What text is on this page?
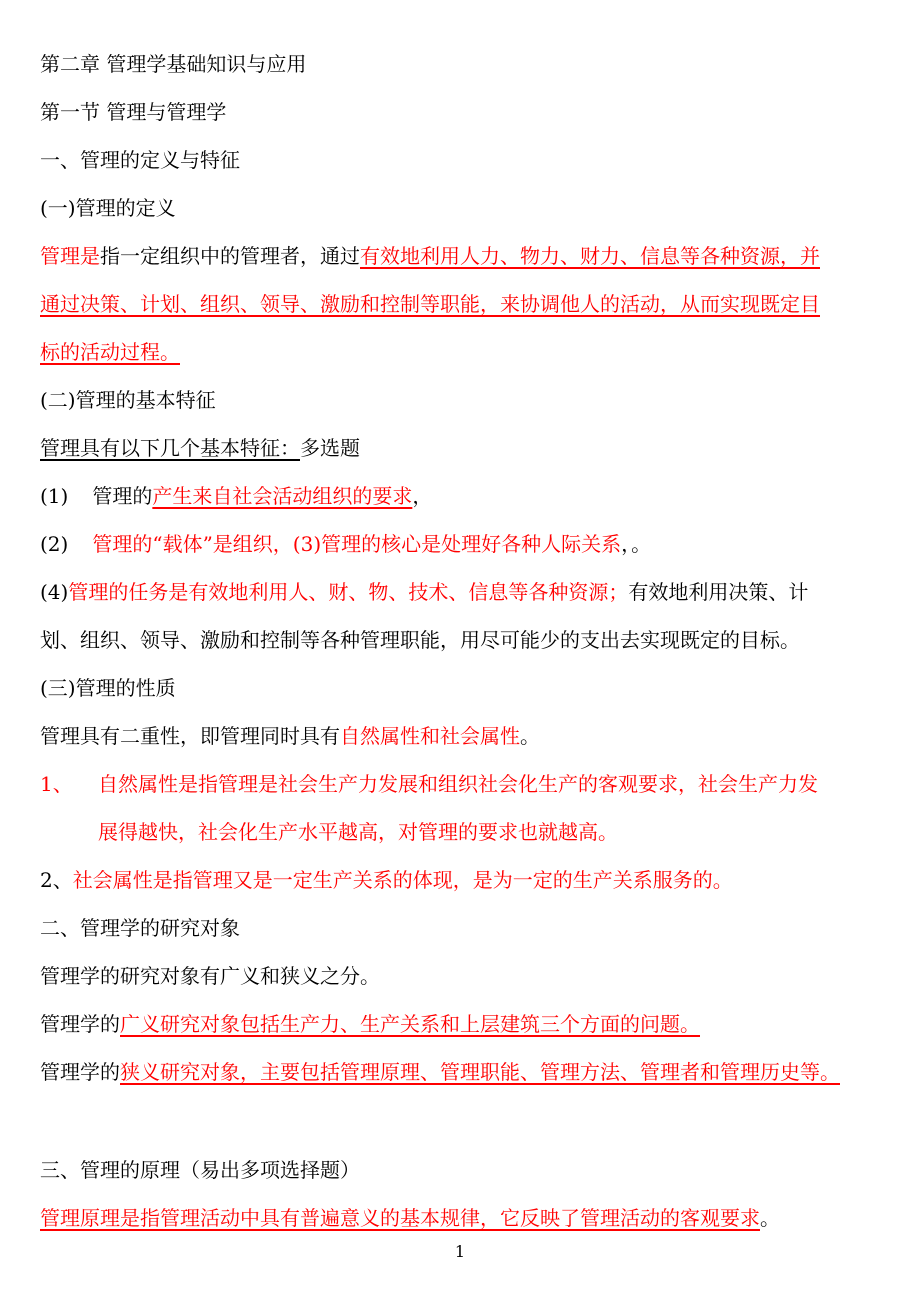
第二章 管理学基础知识与应用
第一节 管理与管理学
一、管理的定义与特征
(一)管理的定义
管理是指一定组织中的管理者，通过有效地利用人力、物力、财力、信息等各种资源，并
通过决策、计划、组织、领导、激励和控制等职能，来协调他人的活动，从而实现既定目
标的活动过程。
(二)管理的基本特征
管理具有以下几个基本特征：多选题
(1) 管理的产生来自社会活动组织的要求，
(2) 管理的“载体”是组织，(3)管理的核心是处理好各种人际关系，。
(4)管理的任务是有效地利用人、财、物、技术、信息等各种资源；有效地利用决策、计
划、组织、领导、激励和控制等各种管理职能，用尽可能少的支出去实现既定的目标。
(三)管理的性质
管理具有二重性，即管理同时具有自然属性和社会属性。
1、 自然属性是指管理是社会生产力发展和组织社会化生产的客观要求，社会生产力发
展得越快，社会化生产水平越高，对管理的要求也就越高。
2、社会属性是指管理又是一定生产关系的体现，是为一定的生产关系服务的。
二、管理学的研究对象
管理学的研究对象有广义和狭义之分。
管理学的广义研究对象包括生产力、生产关系和上层建筑三个方面的问题。
管理学的狭义研究对象，主要包括管理原理、管理职能、管理方法、管理者和管理历史等。
三、管理的原理（易出多项选择题）
管理原理是指管理活动中具有普遍意义的基本规律，它反映了管理活动的客观要求。
1
